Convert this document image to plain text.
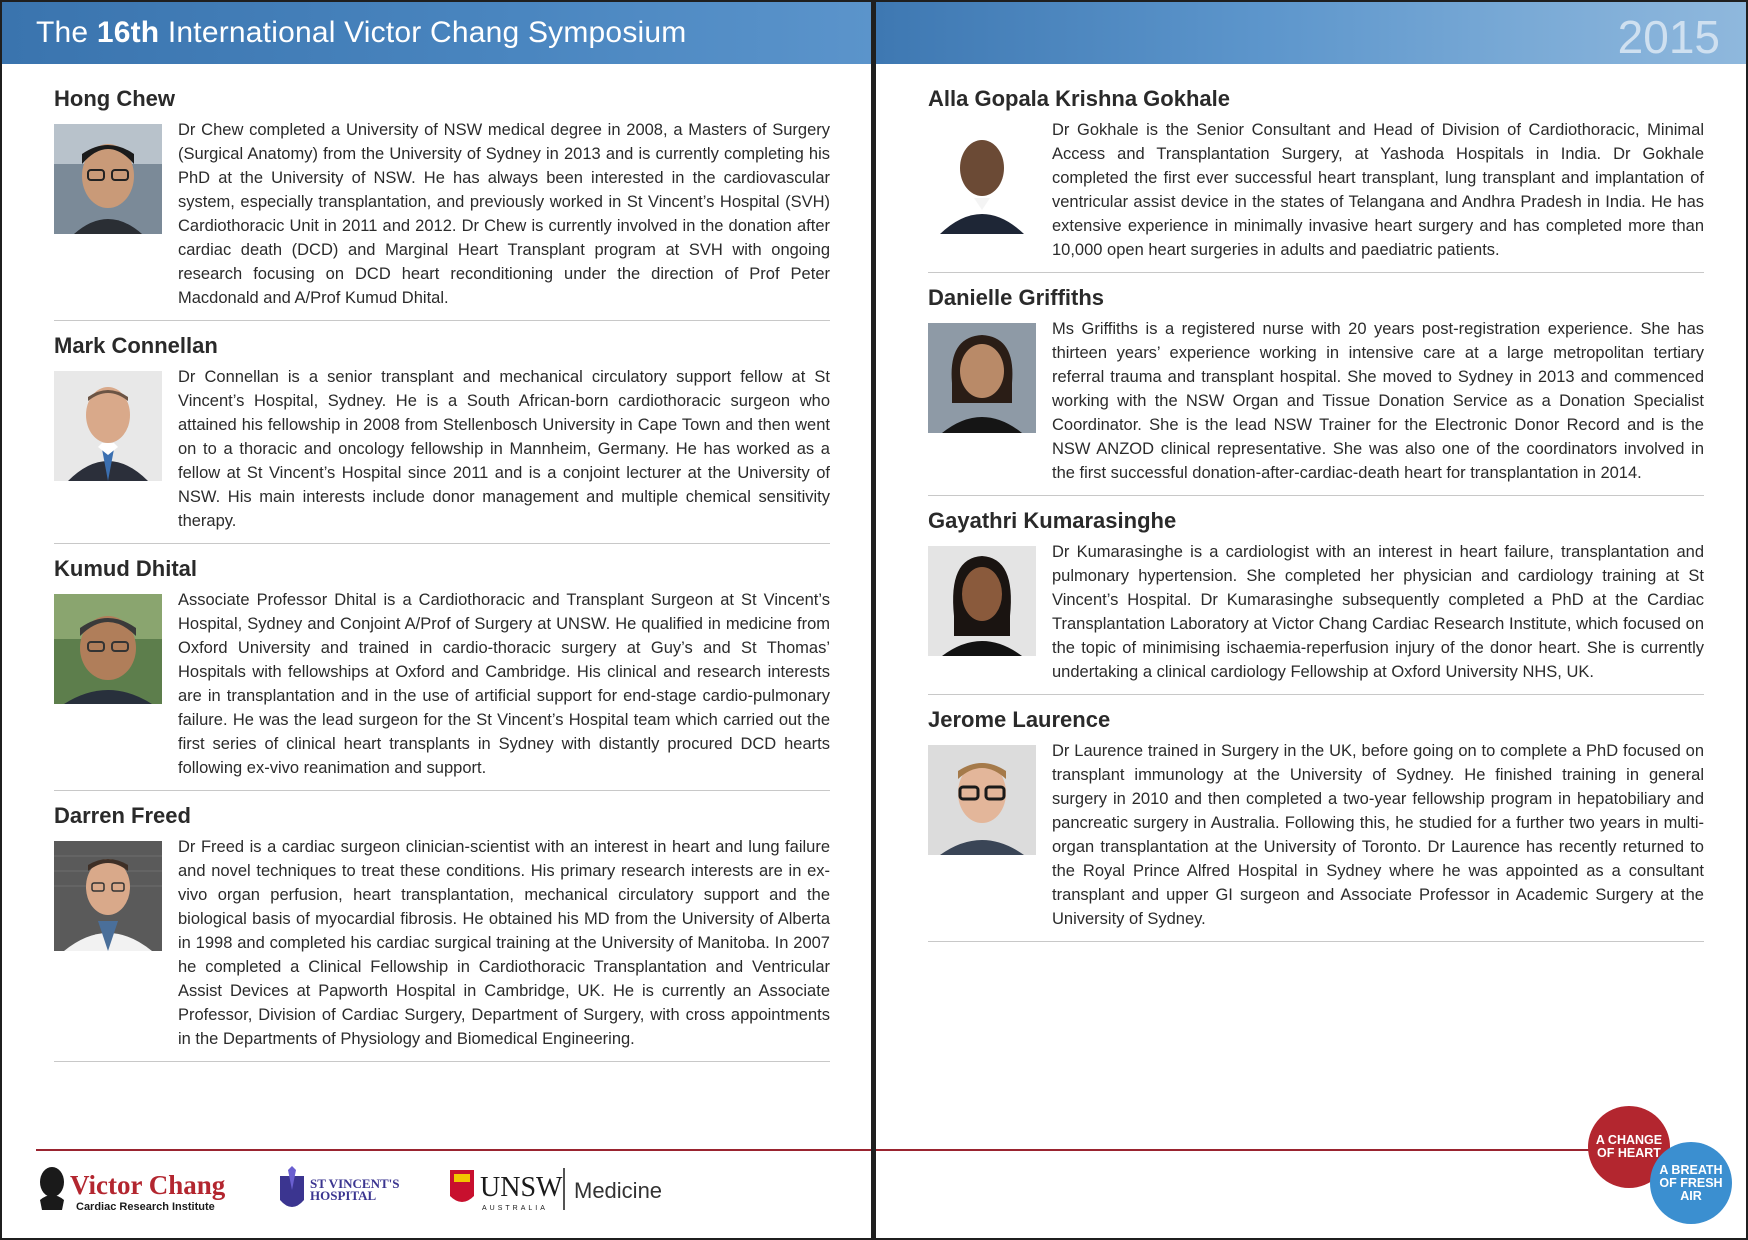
The 16th International Victor Chang Symposium
Hong Chew

Dr Chew completed a University of NSW medical degree in 2008, a Masters of Surgery (Surgical Anatomy) from the University of Sydney in 2013 and is currently completing his PhD at the University of NSW. He has always been interested in the cardiovascular system, especially transplantation, and previously worked in St Vincent’s Hospital (SVH) Cardiothoracic Unit in 2011 and 2012. Dr Chew is currently involved in the donation after cardiac death (DCD) and Marginal Heart Transplant program at SVH with ongoing research focusing on DCD heart reconditioning under the direction of Prof Peter Macdonald and A/Prof Kumud Dhital.

Mark Connellan

Dr Connellan is a senior transplant and mechanical circulatory support fellow at St Vincent’s Hospital, Sydney. He is a South African-born cardiothoracic surgeon who attained his fellowship in 2008 from Stellenbosch University in Cape Town and then went on to a thoracic and oncology fellowship in Mannheim, Germany. He has worked as a fellow at St Vincent’s Hospital since 2011 and is a conjoint lecturer at the University of NSW. His main interests include donor management and multiple chemical sensitivity therapy.

Kumud Dhital

Associate Professor Dhital is a Cardiothoracic and Transplant Surgeon at St Vincent’s Hospital, Sydney and Conjoint A/Prof of Surgery at UNSW. He qualified in medicine from Oxford University and trained in cardio-thoracic surgery at Guy’s and St Thomas’ Hospitals with fellowships at Oxford and Cambridge. His clinical and research interests are in transplantation and in the use of artificial support for end-stage cardio-pulmonary failure. He was the lead surgeon for the St Vincent’s Hospital team which carried out the first series of clinical heart transplants in Sydney with distantly procured DCD hearts following ex-vivo reanimation and support.

Darren Freed

Dr Freed is a cardiac surgeon clinician-scientist with an interest in heart and lung failure and novel techniques to treat these conditions. His primary research interests are in ex-vivo organ perfusion, heart transplantation, mechanical circulatory support and the biological basis of myocardial fibrosis. He obtained his MD from the University of Alberta in 1998 and completed his cardiac surgical training at the University of Manitoba. In 2007 he completed a Clinical Fellowship in Cardiothoracic Transplantation and Ventricular Assist Devices at Papworth Hospital in Cambridge, UK. He is currently an Associate Professor, Division of Cardiac Surgery, Department of Surgery, with cross appointments in the Departments of Physiology and Biomedical Engineering.

Victor Chang
Cardiac Research Institute
ST VINCENT'S
HOSPITAL	UNSW
AUSTRALIA
Medicine
2015
Alla Gopala Krishna Gokhale

Dr Gokhale is the Senior Consultant and Head of Division of Cardiothoracic, Minimal Access and Transplantation Surgery, at Yashoda Hospitals in India. Dr Gokhale completed the first ever successful heart transplant, lung transplant and implantation of ventricular assist device in the states of Telangana and Andhra Pradesh in India. He has extensive experience in minimally invasive heart surgery and has completed more than 10,000 open heart surgeries in adults and paediatric patients.

Danielle Griffiths

Ms Griffiths is a registered nurse with 20 years post-registration experience. She has thirteen years’ experience working in intensive care at a large metropolitan tertiary referral trauma and transplant hospital. She moved to Sydney in 2013 and commenced working with the NSW Organ and Tissue Donation Service as a Donation Specialist Coordinator. She is the lead NSW Trainer for the Electronic Donor Record and is the NSW ANZOD clinical representative. She was also one of the coordinators involved in the first successful donation-after-cardiac-death heart for transplantation in 2014.

Gayathri Kumarasinghe

Dr Kumarasinghe is a cardiologist with an interest in heart failure, transplantation and pulmonary hypertension. She completed her physician and cardiology training at St Vincent’s Hospital. Dr Kumarasinghe subsequently completed a PhD at the Cardiac Transplantation Laboratory at Victor Chang Cardiac Research Institute, which focused on the topic of minimising ischaemia-reperfusion injury of the donor heart. She is currently undertaking a clinical cardiology Fellowship at Oxford University NHS, UK.

Jerome Laurence

Dr Laurence trained in Surgery in the UK, before going on to complete a PhD focused on transplant immunology at the University of Sydney. He finished training in general surgery in 2010 and then completed a two-year fellowship program in hepatobiliary and pancreatic surgery in Australia. Following this, he studied for a further two years in multi-organ transplantation at the University of Toronto. Dr Laurence has recently returned to the Royal Prince Alfred Hospital in Sydney where he was appointed as a consultant transplant and upper GI surgeon and Associate Professor in Academic Surgery at the University of Sydney.

A CHANGE OF HEART
A BREATH OF FRESH AIR
